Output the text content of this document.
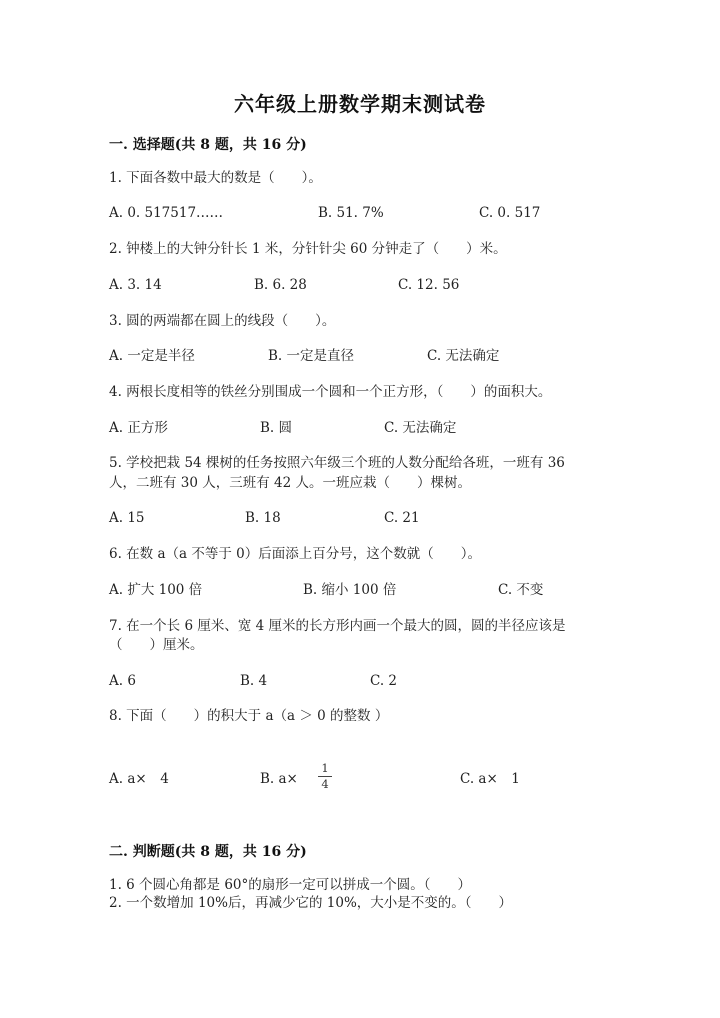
六年级上册数学期末测试卷
一. 选择题(共 8 题，共 16 分)
1. 下面各数中最大的数是（　　）。
A. 0. 517517……	B. 51. 7%	C. 0. 517
2. 钟楼上的大钟分针长 1 米，分针针尖 60 分钟走了（　　）米。
A. 3. 14	B. 6. 28	C. 12. 56
3. 圆的两端都在圆上的线段（　　）。
A. 一定是半径	B. 一定是直径	C. 无法确定
4. 两根长度相等的铁丝分别围成一个圆和一个正方形，（　　）的面积大。
A. 正方形	B. 圆	C. 无法确定
5. 学校把栽 54 棵树的任务按照六年级三个班的人数分配给各班，一班有 36
人，二班有 30 人，三班有 42 人。一班应栽（　　）棵树。
A. 15	B. 18	C. 21
6. 在数 a（a 不等于 0）后面添上百分号，这个数就（　　）。
A. 扩大 100 倍	B. 缩小 100 倍	C. 不变
7. 在一个长 6 厘米、宽 4 厘米的长方形内画一个最大的圆，圆的半径应该是
（　　）厘米。
A. 6	B. 4	C. 2
8. 下面（　　）的积大于 a（a ＞ 0 的整数 ）
A. a×　4	B. a×
1
4	C. a×　1
二. 判断题(共 8 题，共 16 分)
1. 6 个圆心角都是 60°的扇形一定可以拼成一个圆。（　　）
2. 一个数增加 10%后，再减少它的 10%，大小是不变的。（　　）
